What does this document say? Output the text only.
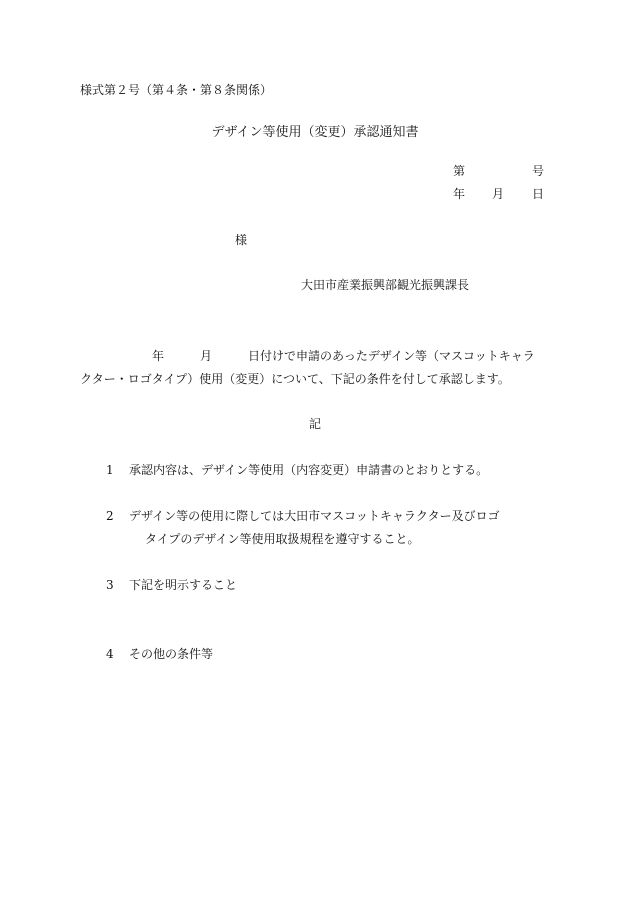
様式第２号（第４条・第８条関係）
デザイン等使用（変更）承認通知書
第	号
年 月 日
様
大田市産業振興部観光振興課長
　　　　　　年　　　月　　　日付けで申請のあったデザイン等（マスコットキャラ
クター・ロゴタイプ）使用（変更）について、下記の条件を付して承認します。
記
1 承認内容は、デザイン等使用（内容変更）申請書のとおりとする。
2 デザイン等の使用に際しては大田市マスコットキャラクター及びロゴ
タイプのデザイン等使用取扱規程を遵守すること。
3 下記を明示すること
4 その他の条件等
